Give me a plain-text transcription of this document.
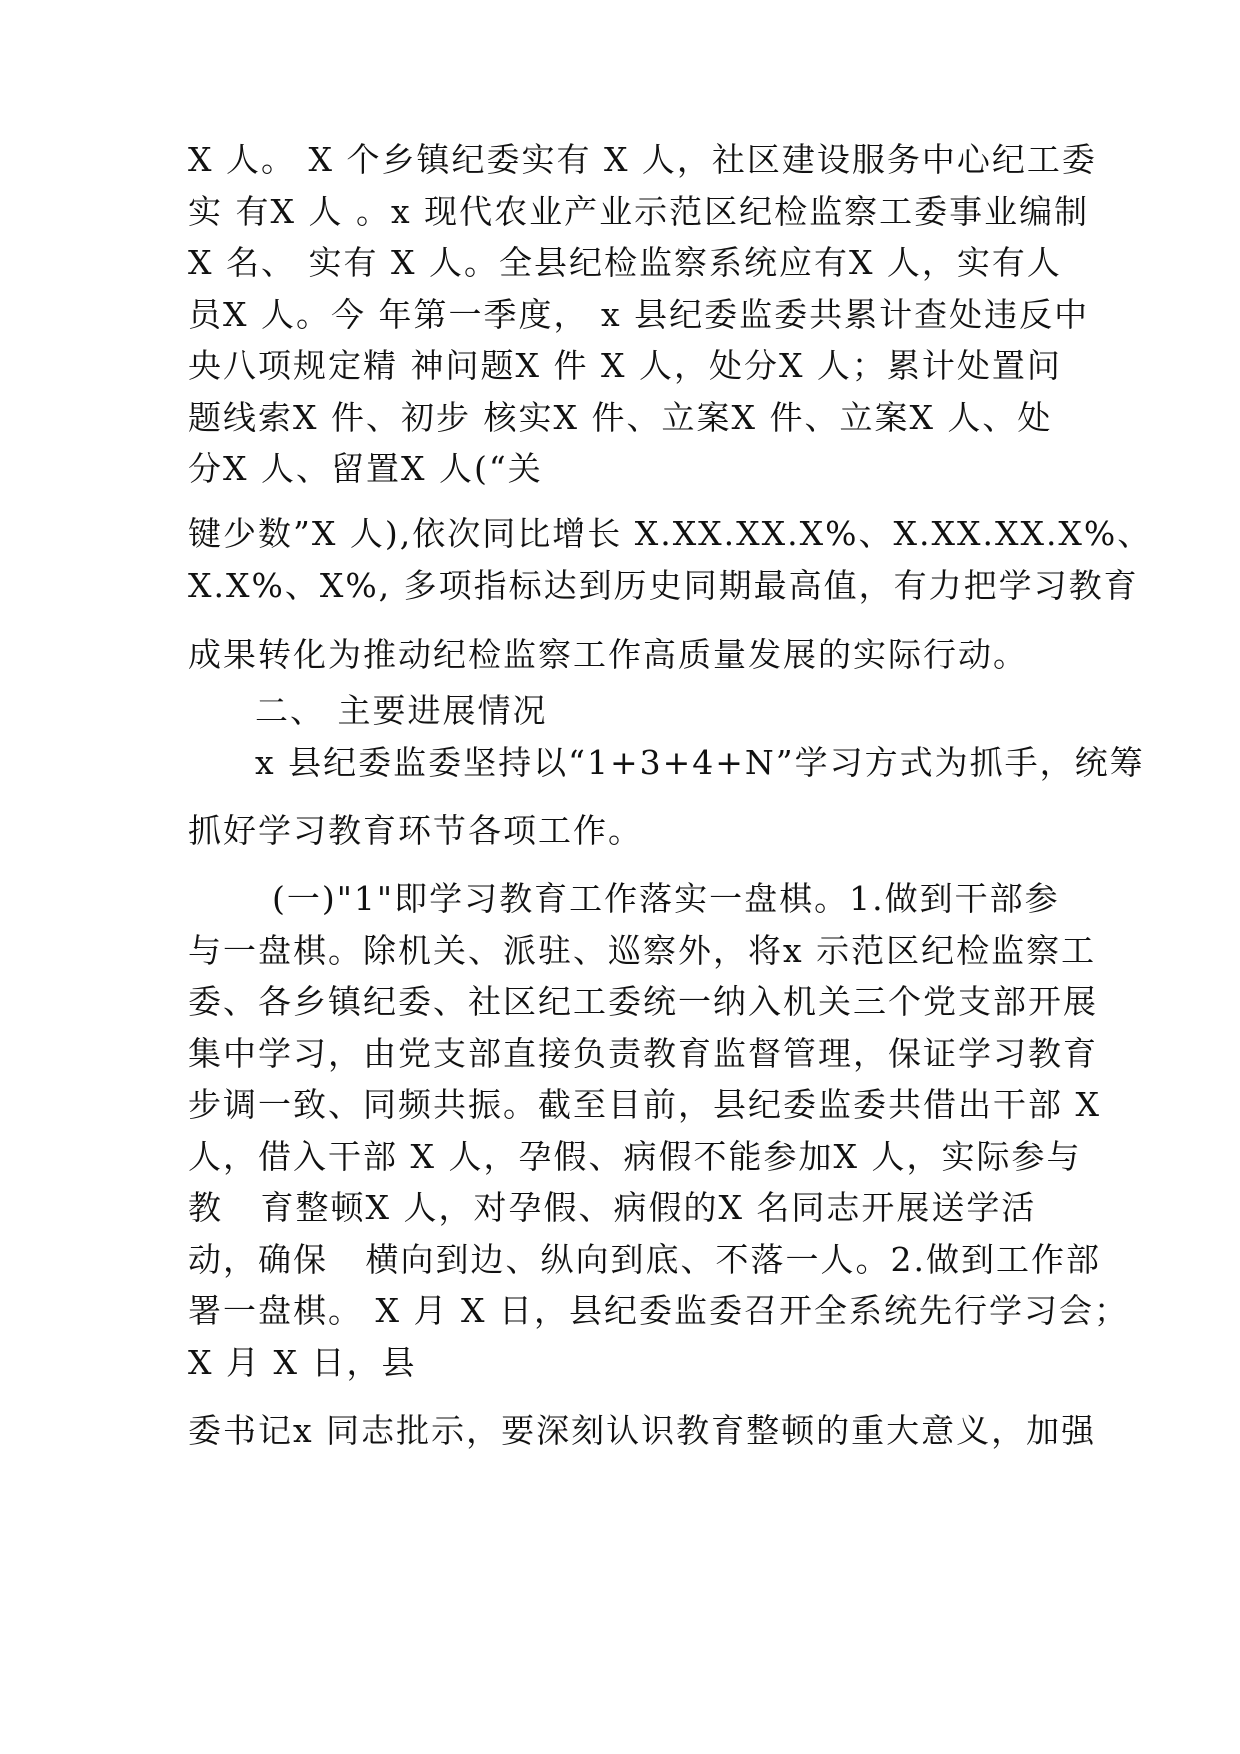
X 人。 X 个乡镇纪委实有 X 人，社区建设服务中心纪工委
实 有X 人 。x 现代农业产业示范区纪检监察工委事业编制
X 名、 实有 X 人。全县纪检监察系统应有X 人，实有人
员X 人。今 年第一季度， x 县纪委监委共累计查处违反中
央八项规定精 神问题X 件 X 人，处分X 人；累计处置问
题线索X 件、初步 核实X 件、立案X 件、立案X 人、处
分X 人、留置X 人(“关
键少数”X 人),依次同比增长 X.XX.XX.X%、X.XX.XX.X%、
X.X%、X%, 多项指标达到历史同期最高值，有力把学习教育
成果转化为推动纪检监察工作高质量发展的实际行动。
二、 主要进展情况
x 县纪委监委坚持以“1+3+4+N”学习方式为抓手，统筹
抓好学习教育环节各项工作。
(一)"1"即学习教育工作落实一盘棋。1.做到干部参
与一盘棋。除机关、派驻、巡察外，将x 示范区纪检监察工
委、各乡镇纪委、社区纪工委统一纳入机关三个党支部开展
集中学习，由党支部直接负责教育监督管理，保证学习教育
步调一致、同频共振。截至目前，县纪委监委共借出干部 X
人，借入干部 X 人，孕假、病假不能参加X 人，实际参与
教   育整顿X 人，对孕假、病假的X 名同志开展送学活
动，确保   横向到边、纵向到底、不落一人。2.做到工作部
署一盘棋。 X 月 X 日，县纪委监委召开全系统先行学习会；
X 月 X 日，县
委书记x 同志批示，要深刻认识教育整顿的重大意义，加强
